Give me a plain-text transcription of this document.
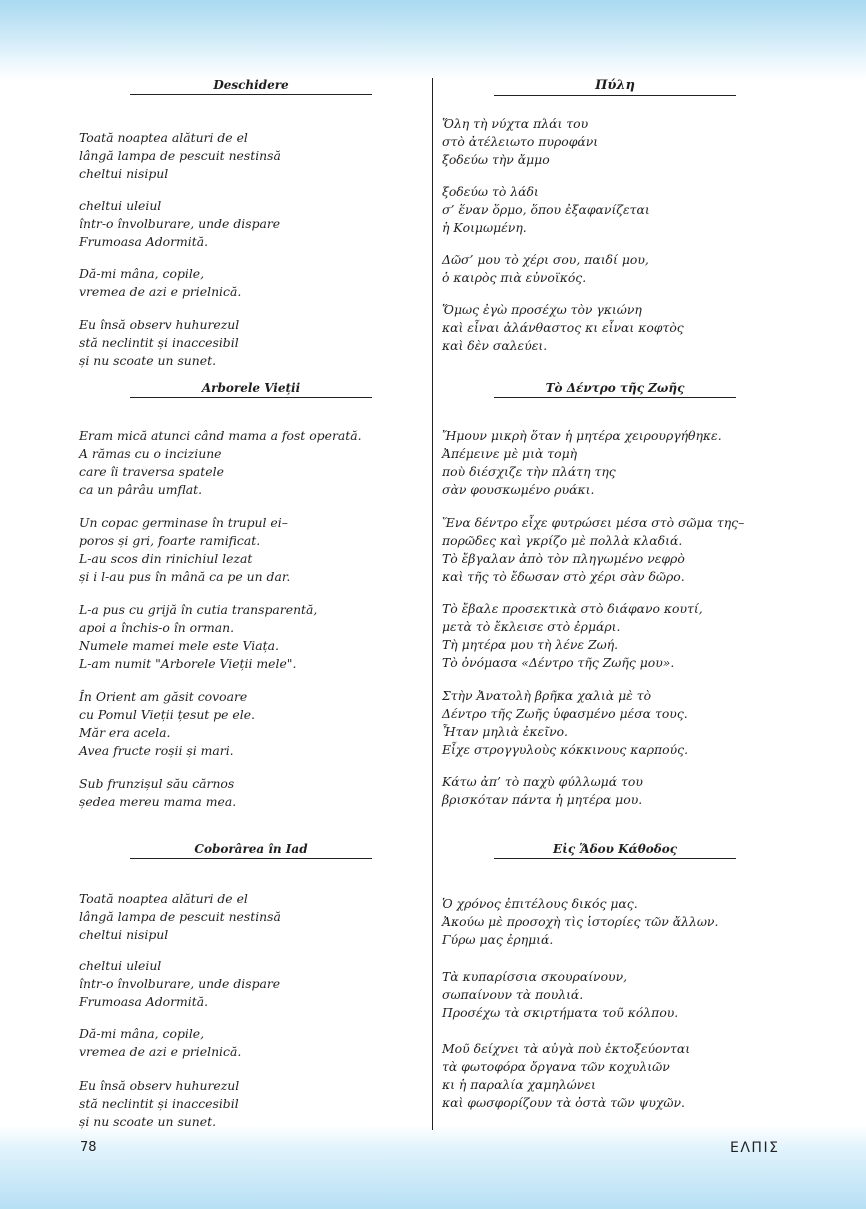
Deschidere
Toată noaptea alături de el
lângă lampa de pescuit nestinsă
cheltui nisipul
cheltui uleiul
într-o învolburare, unde dispare
Frumoasa Adormită.
Dă-mi mâna, copile,
vremea de azi e prielnică.
Eu însă observ huhurezul
stă neclintit și inaccesibil
și nu scoate un sunet.
Arborele Vieții
Eram mică atunci când mama a fost operată.
A rămas cu o inciziune
care îi traversa spatele
ca un pârâu umflat.
Un copac germinase în trupul ei–
poros și gri, foarte ramificat.
L-au scos din rinichiul lezat
și i l-au pus în mână ca pe un dar.
L-a pus cu grijă în cutia transparentă,
apoi a închis-o în orman.
Numele mamei mele este Viața.
L-am numit "Arborele Vieții mele".
În Orient am găsit covoare
cu Pomul Vieții țesut pe ele.
Măr era acela.
Avea fructe roșii și mari.
Sub frunzișul său cărnos
ședea mereu mama mea.
Coborârea în Iad
Toată noaptea alături de el
lângă lampa de pescuit nestinsă
cheltui nisipul
cheltui uleiul
într-o învolburare, unde dispare
Frumoasa Adormită.
Dă-mi mâna, copile,
vremea de azi e prielnică.
Eu însă observ huhurezul
stă neclintit și inaccesibil
și nu scoate un sunet.
Πύλη
Ὅλη τὴ νύχτα πλάι του
στὸ ἀτέλειωτο πυροφάνι
ξοδεύω τὴν ἄμμο
ξοδεύω τὸ λάδι
σ’ ἕναν ὅρμο, ὅπου ἐξαφανίζεται
ἡ Κοιμωμένη.
Δῶσ’ μου τὸ χέρι σου, παιδί μου,
ὁ καιρὸς πιὰ εὐνοϊκός.
Ὅμως ἐγὼ προσέχω τὸν γκιώνη
καὶ εἶναι ἀλάνθαστος κι εἶναι κοφτὸς
καὶ δὲν σαλεύει.
Τὸ Δέντρο τῆς Ζωῆς
Ἤμουν μικρὴ ὅταν ἡ μητέρα χειρουργήθηκε.
Ἀπέμεινε μὲ μιὰ τομὴ
ποὺ διέσχιζε τὴν πλάτη της
σὰν φουσκωμένο ρυάκι.
Ἕνα δέντρο εἶχε φυτρώσει μέσα στὸ σῶμα της–
πορῶδες καὶ γκρίζο μὲ πολλὰ κλαδιά.
Τὸ ἔβγαλαν ἀπὸ τὸν πληγωμένο νεφρὸ
καὶ τῆς τὸ ἔδωσαν στὸ χέρι σὰν δῶρο.
Τὸ ἔβαλε προσεκτικὰ στὸ διάφανο κουτί,
μετὰ τὸ ἔκλεισε στὸ ἐρμάρι.
Τὴ μητέρα μου τὴ λένε Ζωή.
Τὸ ὀνόμασα «Δέντρο τῆς Ζωῆς μου».
Στὴν Ἀνατολὴ βρῆκα χαλιὰ μὲ τὸ
Δέντρο τῆς Ζωῆς ὑφασμένο μέσα τους.
Ἦταν μηλιὰ ἐκεῖνο.
Εἶχε στρογγυλοὺς κόκκινους καρπούς.
Κάτω ἀπ’ τὸ παχὺ φύλλωμά του
βρισκόταν πάντα ἡ μητέρα μου.
Εἰς Ἅδου Κάθοδος
Ὁ χρόνος ἐπιτέλους δικός μας.
Ἀκούω μὲ προσοχὴ τὶς ἱστορίες τῶν ἄλλων.
Γύρω μας ἐρημιά.
Τὰ κυπαρίσσια σκουραίνουν,
σωπαίνουν τὰ πουλιά.
Προσέχω τὰ σκιρτήματα τοῦ κόλπου.
Μοῦ δείχνει τὰ αὐγὰ ποὺ ἐκτοξεύονται
τὰ φωτοφόρα ὄργανα τῶν κοχυλιῶν
κι ἡ παραλία χαμηλώνει
καὶ φωσφορίζουν τὰ ὀστὰ τῶν ψυχῶν.
78	ΕΛΠΙΣ
